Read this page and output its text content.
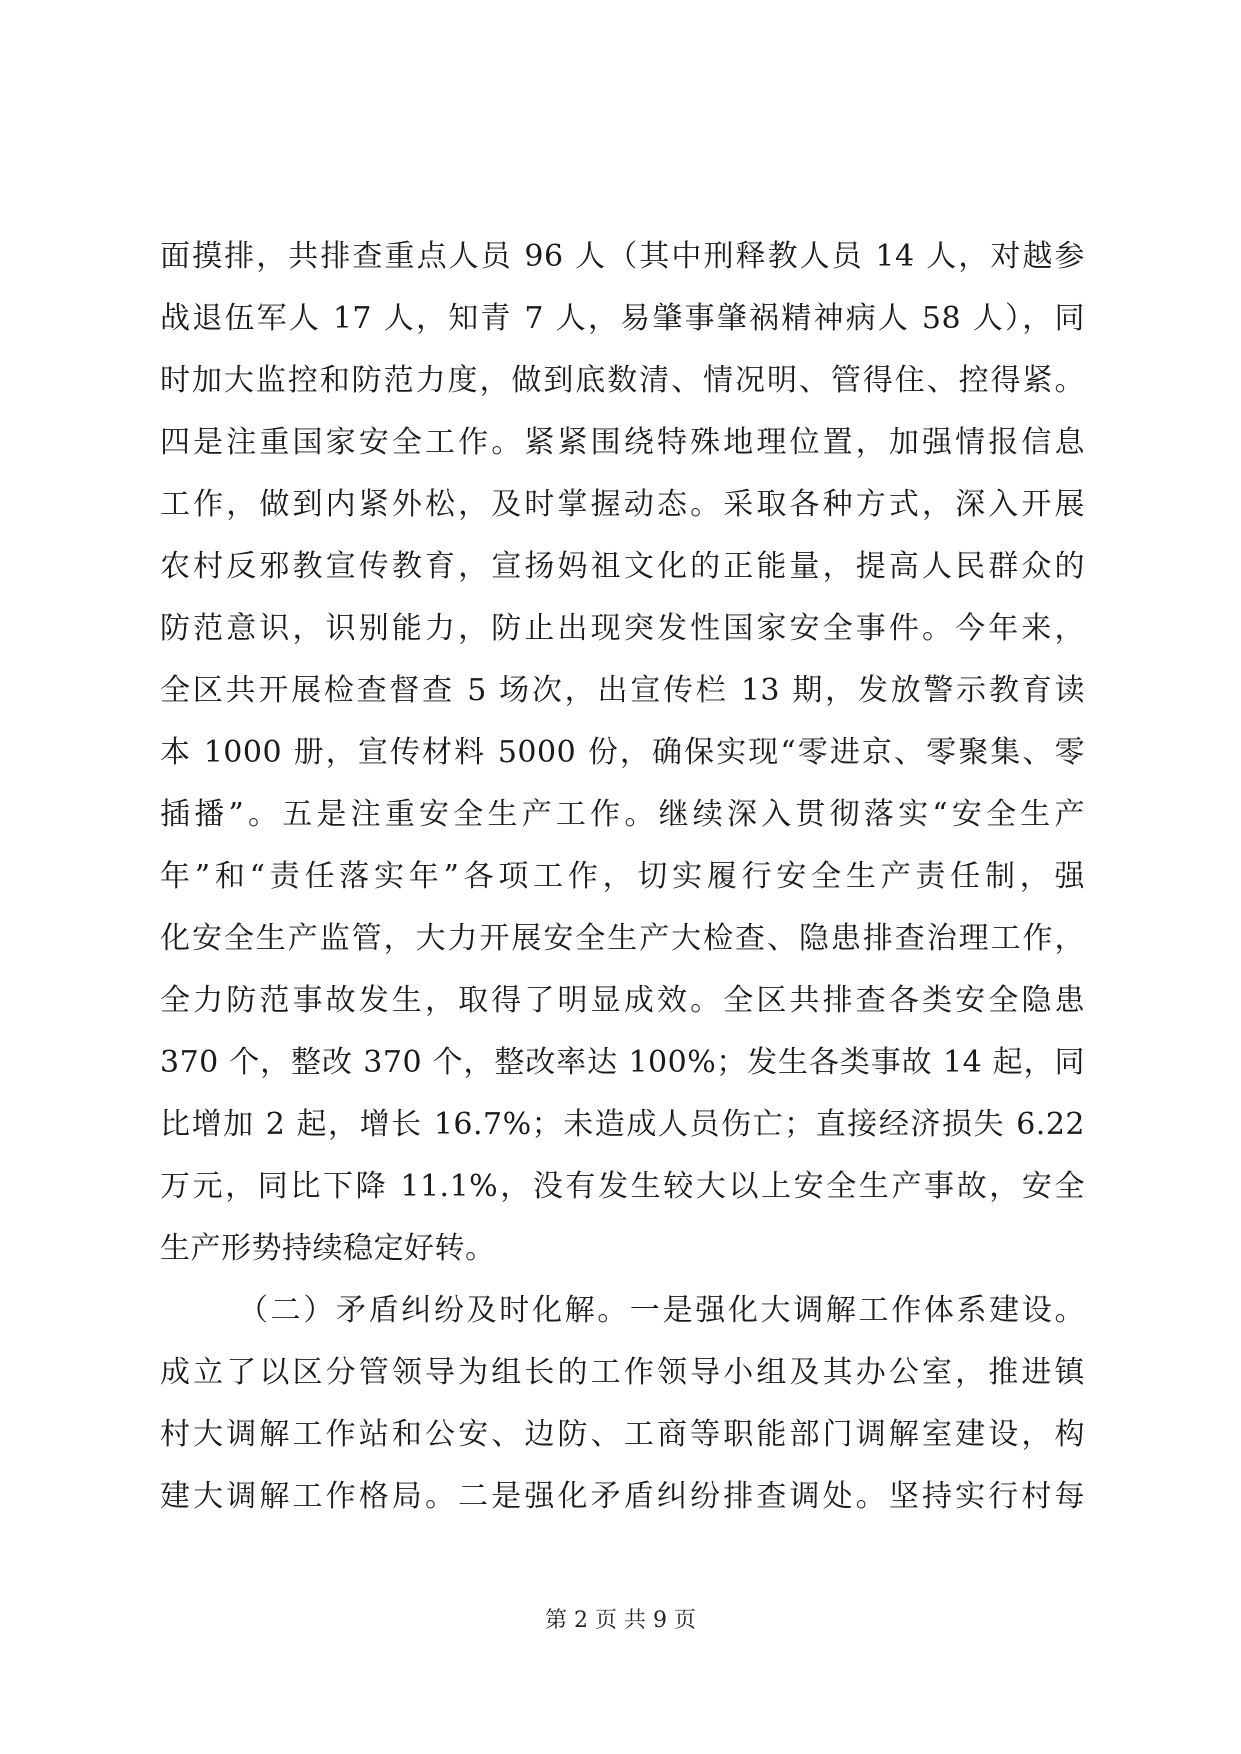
面摸排，共排查重点人员 96 人（其中刑释教人员 14 人，对越参
战退伍军人 17 人，知青 7 人，易肇事肇祸精神病人 58 人），同
时加大监控和防范力度，做到底数清、情况明、管得住、控得紧。
四是注重国家安全工作。紧紧围绕特殊地理位置，加强情报信息
工作，做到内紧外松，及时掌握动态。采取各种方式，深入开展
农村反邪教宣传教育，宣扬妈祖文化的正能量，提高人民群众的
防范意识，识别能力，防止出现突发性国家安全事件。今年来，
全区共开展检查督查 5 场次，出宣传栏 13 期，发放警示教育读
本 1000 册，宣传材料 5000 份，确保实现“零进京、零聚集、零
插播”。五是注重安全生产工作。继续深入贯彻落实“安全生产
年”和“责任落实年”各项工作，切实履行安全生产责任制，强
化安全生产监管，大力开展安全生产大检查、隐患排查治理工作，
全力防范事故发生，取得了明显成效。全区共排查各类安全隐患
370 个，整改 370 个，整改率达 100%；发生各类事故 14 起，同
比增加 2 起，增长 16.7%；未造成人员伤亡；直接经济损失 6.22
万元，同比下降 11.1%，没有发生较大以上安全生产事故，安全
生产形势持续稳定好转。
（二）矛盾纠纷及时化解。一是强化大调解工作体系建设。
成立了以区分管领导为组长的工作领导小组及其办公室，推进镇
村大调解工作站和公安、边防、工商等职能部门调解室建设，构
建大调解工作格局。二是强化矛盾纠纷排查调处。坚持实行村每
第 2 页 共 9 页
